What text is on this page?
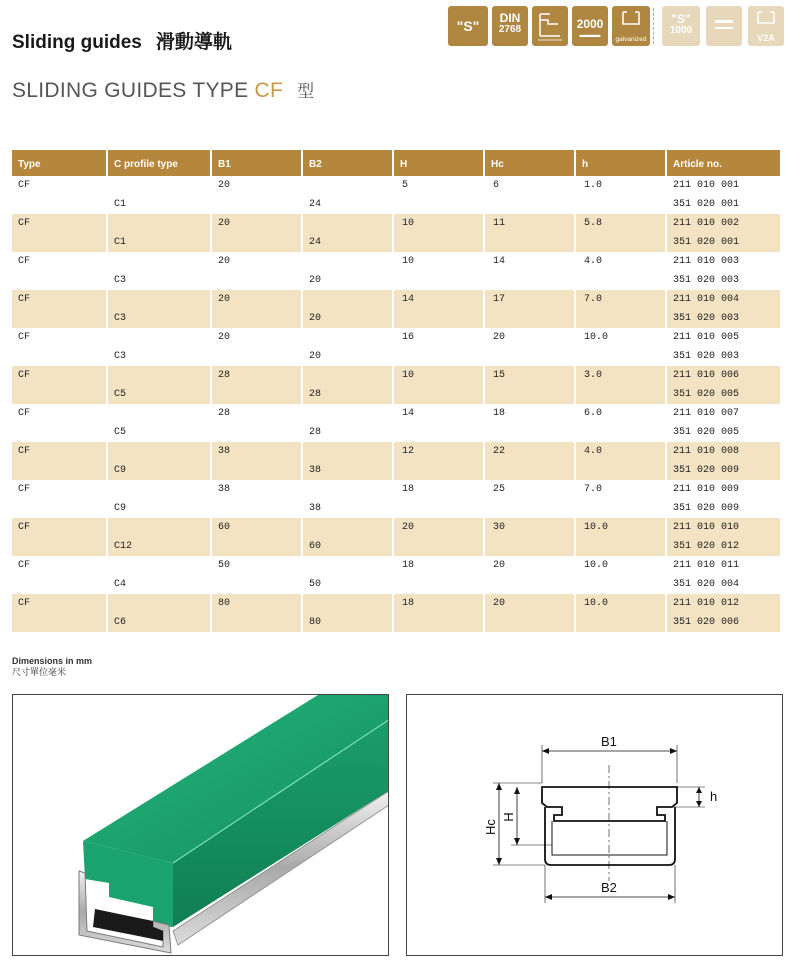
Sliding guides 滑動導軌
SLIDING GUIDES TYPE CF 型
"S"	DIN
2768	2000
▬▬▬
galvanized
"S"
1000
V2A
Type	C profile type	B1	B2	H	Hc	h	Article no.
CF		20		5	6	1.0	211 010 001
	C1		24				351 020 001
CF		20		10	11	5.8	211 010 002
	C1		24				351 020 001
CF		20		10	14	4.0	211 010 003
	C3		20				351 020 003
CF		20		14	17	7.0	211 010 004
	C3		20				351 020 003
CF		20		16	20	10.0	211 010 005
	C3		20				351 020 003
CF		28		10	15	3.0	211 010 006
	C5		28				351 020 005
CF		28		14	18	6.0	211 010 007
	C5		28				351 020 005
CF		38		12	22	4.0	211 010 008
	C9		38				351 020 009
CF		38		18	25	7.0	211 010 009
	C9		38				351 020 009
CF		60		20	30	10.0	211 010 010
	C12		60				351 020 012
CF		50		18	20	10.0	211 010 011
	C4		50				351 020 004
CF		80		18	20	10.0	211 010 012
	C6		80				351 020 006
Dimensions in mm
尺寸單位毫米
B1
Hc
H
h
B2
